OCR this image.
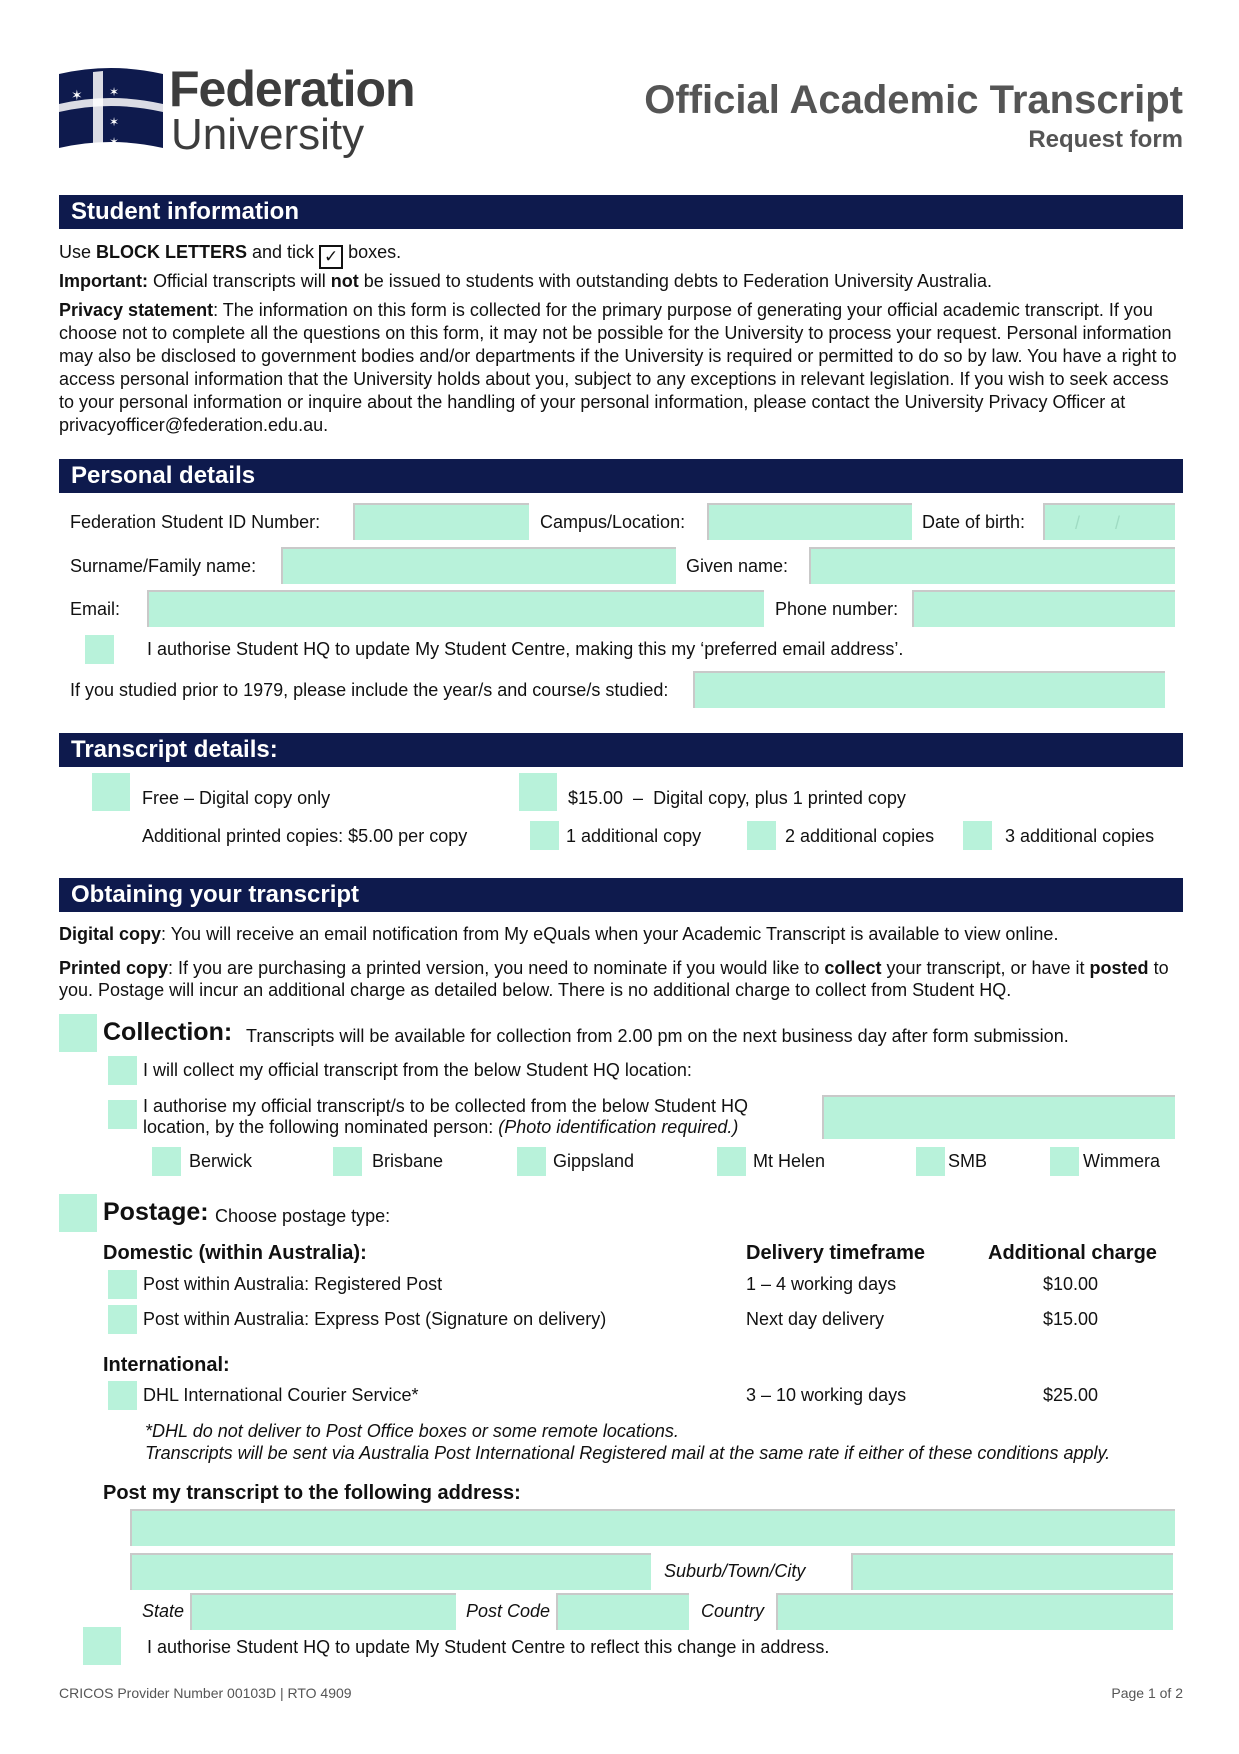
✶ ✶
✶
✶
Federation
University
Official Academic Transcript
Request form
Student information
Use BLOCK LETTERS and tick ✓ boxes.
Important: Official transcripts will not be issued to students with outstanding debts to Federation University Australia.
Privacy statement: The information on this form is collected for the primary purpose of generating your official academic transcript. If you choose not to complete all the questions on this form, it may not be possible for the University to process your request. Personal information may also be disclosed to government bodies and/or departments if the University is required or permitted to do so by law. You have a right to access personal information that the University holds about you, subject to any exceptions in relevant legislation. If you wish to seek access to your personal information or inquire about the handling of your personal information, please contact the University Privacy Officer at privacyofficer@federation.edu.au.
Personal details
Federation Student ID Number:	Campus/Location:	Date of birth:	/       /
Surname/Family name:	Given name:
Email:	Phone number:
I authorise Student HQ to update My Student Centre, making this my ‘preferred email address’.
If you studied prior to 1979, please include the year/s and course/s studied:
Transcript details:
Free – Digital copy only	$15.00  –  Digital copy, plus 1 printed copy
Additional printed copies: $5.00 per copy	1 additional copy	2 additional copies	3 additional copies
Obtaining your transcript
Digital copy: You will receive an email notification from My eQuals when your Academic Transcript is available to view online.
Printed copy: If you are purchasing a printed version, you need to nominate if you would like to collect your transcript, or have it posted to you. Postage will incur an additional charge as detailed below. There is no additional charge to collect from Student HQ.
Collection: Transcripts will be available for collection from 2.00 pm on the next business day after form submission.
I will collect my official transcript from the below Student HQ location:
I authorise my official transcript/s to be collected from the below Student HQ
location, by the following nominated person: (Photo identification required.)
Berwick	Brisbane	Gippsland	Mt Helen	SMB	Wimmera
Postage: Choose postage type:
Domestic (within Australia):	Delivery timeframe	Additional charge
Post within Australia: Registered Post	1 – 4 working days	$10.00
Post within Australia: Express Post (Signature on delivery)	Next day delivery	$15.00
International:
DHL International Courier Service*	3 – 10 working days	$25.00
*DHL do not deliver to Post Office boxes or some remote locations.
Transcripts will be sent via Australia Post International Registered mail at the same rate if either of these conditions apply.
Post my transcript to the following address:
Suburb/Town/City
State	Post Code	Country
I authorise Student HQ to update My Student Centre to reflect this change in address.
CRICOS Provider Number 00103D | RTO 4909	Page 1 of 2
